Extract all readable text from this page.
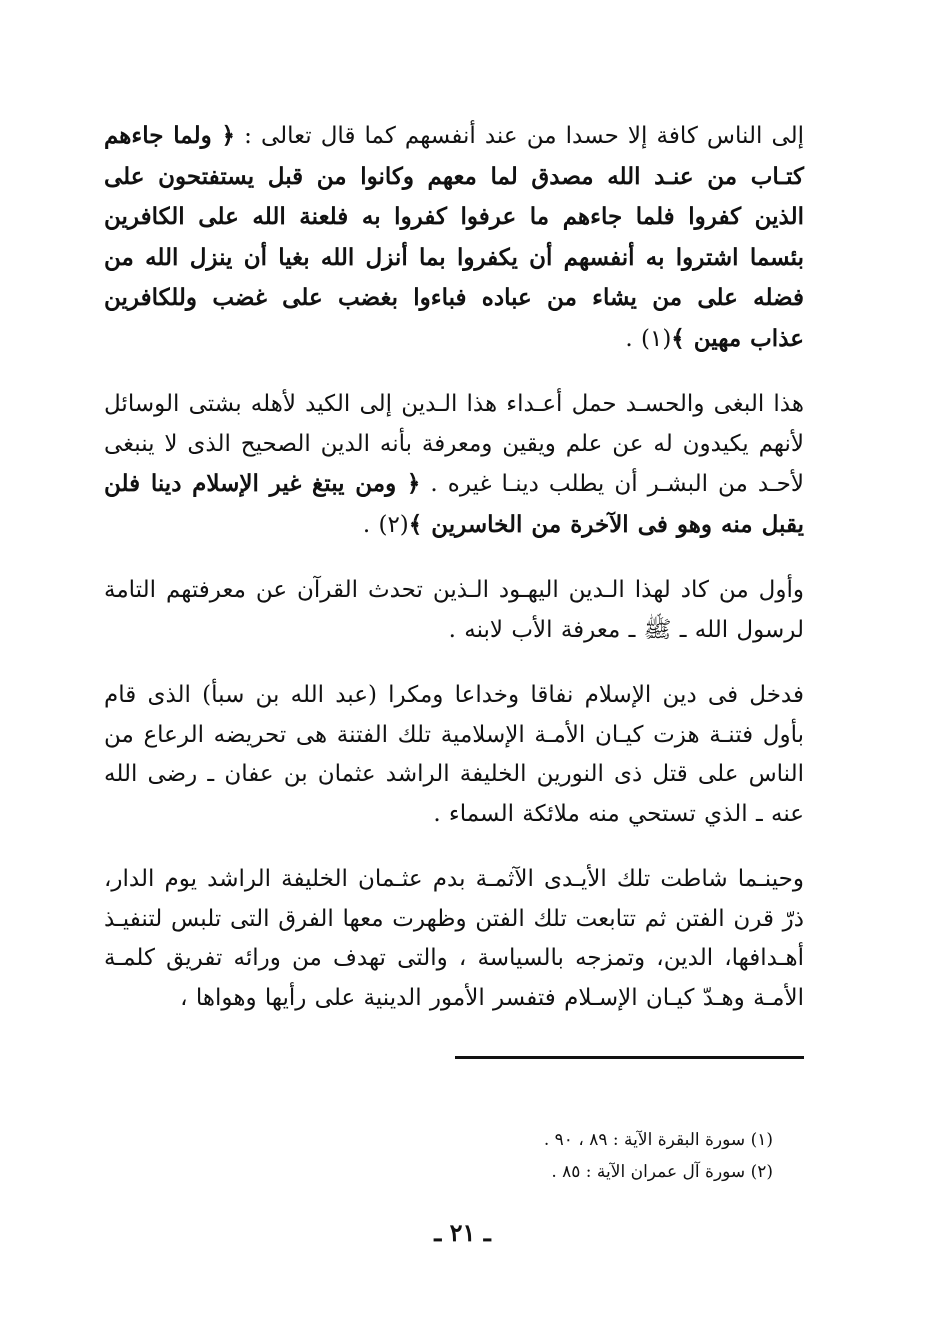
إلى الناس كافة إلا حسدا من عند أنفسهم كما قال تعالى : ﴿ ولما جاءهم كتـاب من عنـد الله مصدق لما معهم وكانوا من قبل يستفتحون على الذين كفروا فلما جاءهم ما عرفوا كفروا به فلعنة الله على الكافرين بئسما اشتروا به أنفسهم أن يكفروا بما أنزل الله بغيا أن ينزل الله من فضله على من يشاء من عباده فباءوا بغضب على غضب وللكافرين عذاب مهين ﴾(١) .

هذا البغى والحسـد حمل أعـداء هذا الـدين إلى الكيد لأهله بشتى الوسائل لأنهم يكيدون له عن علم ويقين ومعرفة بأنه الدين الصحيح الذى لا ينبغى لأحـد من البشـر أن يطلب دينـا غيره . ﴿ ومن يبتغ غير الإسلام دينا فلن يقبل منه وهو فى الآخرة من الخاسرين ﴾(٢) .

وأول من كاد لهذا الـدين اليهـود الـذين تحدث القرآن عن معرفتهم التامة لرسول الله ـ ﷺ ـ معرفة الأب لابنه .

فدخل فى دين الإسلام نفاقا وخداعا ومكرا (عبد الله بن سبأ) الذى قام بأول فتنـة هزت كيـان الأمـة الإسلامية تلك الفتنة هى تحريضه الرعاع من الناس على قتل ذى النورين الخليفة الراشد عثمان بن عفان ـ رضى الله عنه ـ الذي تستحي منه ملائكة السماء .

وحينـما شاطت تلك الأيـدى الآثمـة بدم عثـمان الخليفة الراشد يوم الدار، ذرّ قرن الفتن ثم تتابعت تلك الفتن وظهرت معها الفرق التى تلبس لتنفيـذ أهـدافها، الدين، وتمزجه بالسياسة ، والتى تهدف من ورائه تفريق كلمـة الأمـة وهـدّ كيـان الإسـلام فتفسر الأمور الدينية على رأيها وهواها ،

(١) سورة البقرة الآية : ٨٩ ، ٩٠ .

(٢) سورة آل عمران الآية : ٨٥ .

ـ ٢١ ـ
